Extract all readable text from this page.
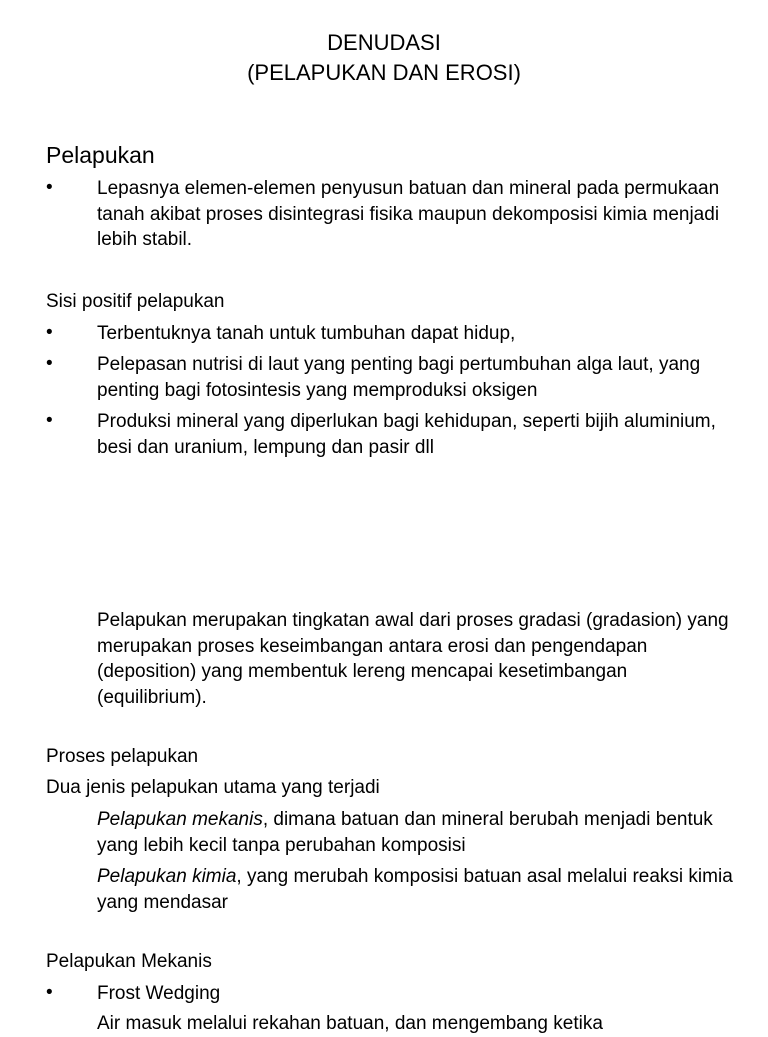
DENUDASI
(PELAPUKAN DAN EROSI)
Pelapukan
• Lepasnya elemen-elemen penyusun batuan dan mineral pada permukaan tanah akibat proses disintegrasi fisika maupun dekomposisi kimia menjadi lebih stabil.

Sisi positif pelapukan
• Terbentuknya tanah untuk tumbuhan dapat hidup,

• Pelepasan nutrisi di laut yang penting bagi pertumbuhan alga laut, yang penting bagi fotosintesis yang memproduksi oksigen

• Produksi mineral yang diperlukan bagi kehidupan, seperti bijih aluminium, besi dan uranium, lempung dan pasir dll

Pelapukan merupakan tingkatan awal dari proses gradasi (gradasion) yang merupakan proses keseimbangan antara erosi dan pengendapan (deposition) yang membentuk lereng mencapai kesetimbangan (equilibrium).

Proses pelapukan
Dua jenis pelapukan utama yang terjadi

Pelapukan mekanis, dimana batuan dan mineral berubah menjadi bentuk yang lebih kecil tanpa perubahan komposisi

Pelapukan kimia, yang merubah komposisi batuan asal melalui reaksi kimia yang mendasar

Pelapukan Mekanis
• Frost Wedging

Air masuk melalui rekahan batuan, dan mengembang ketika
